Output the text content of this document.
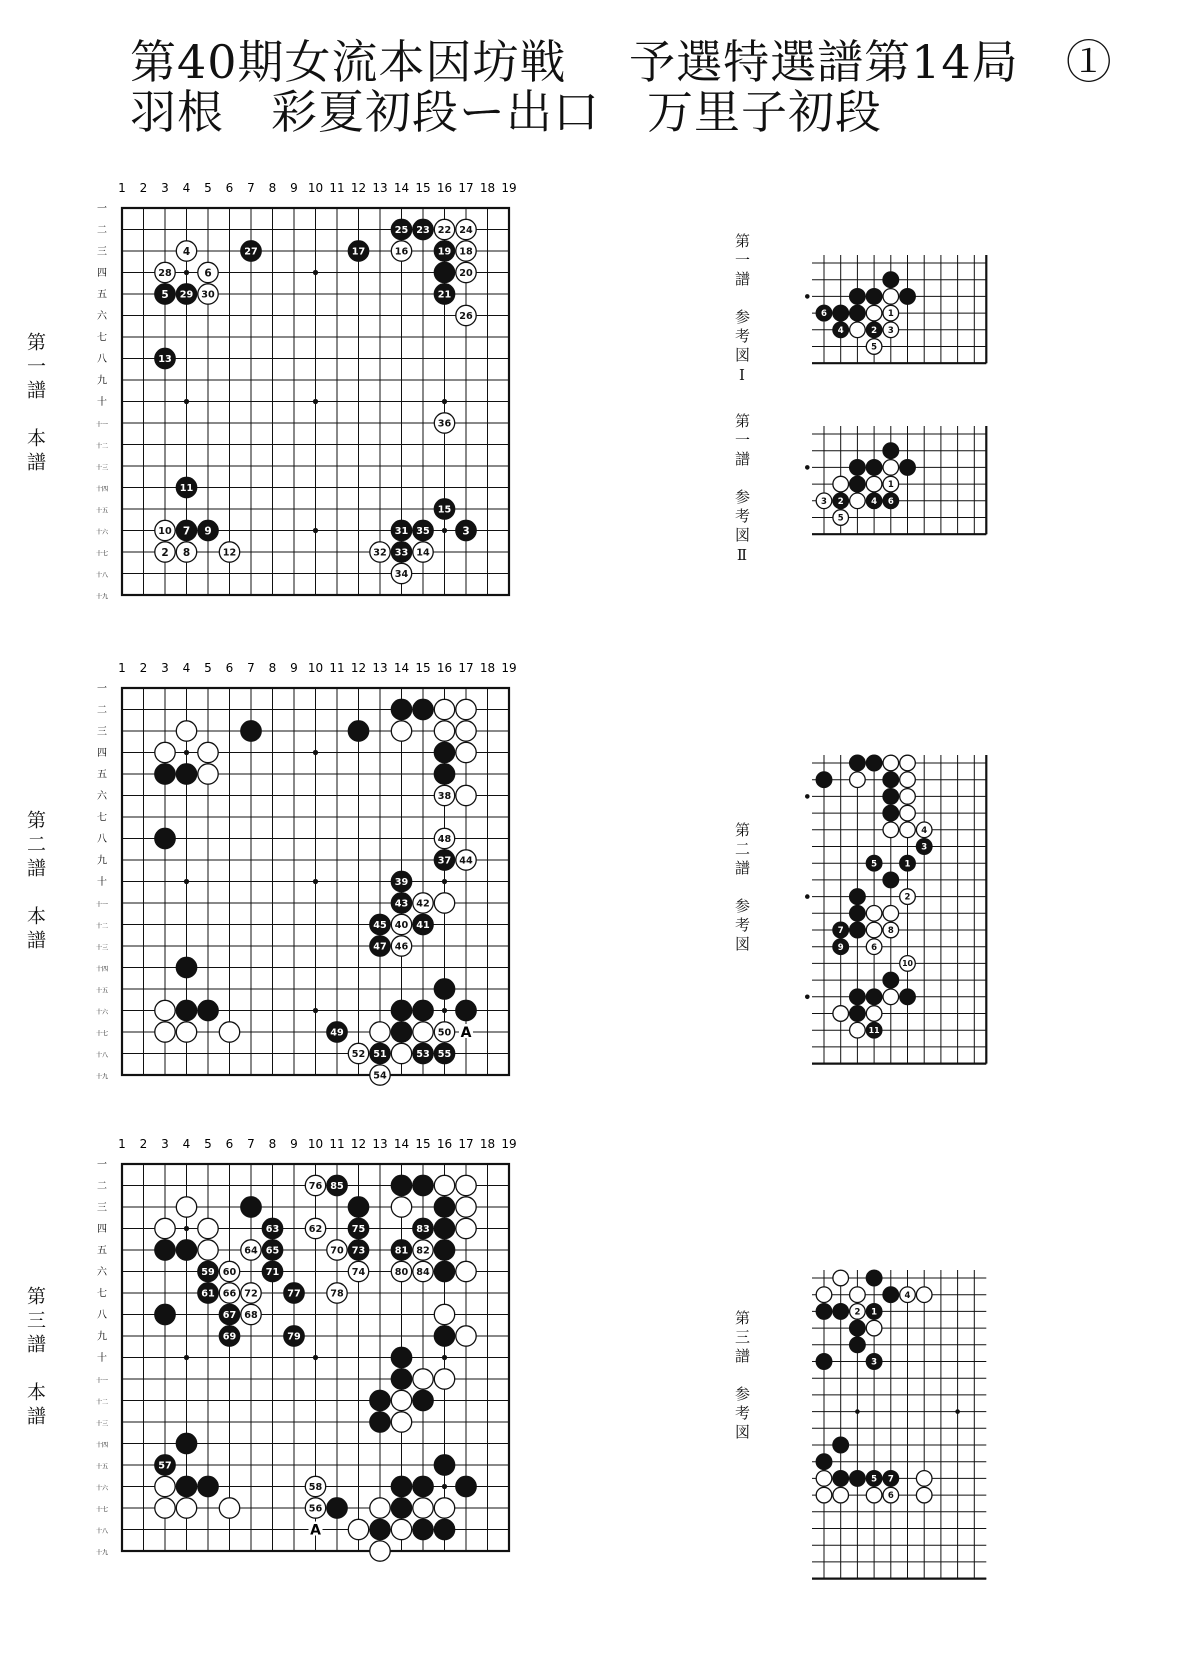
第40期女流本因坊戦　 予選特選譜第14局　①
羽根　彩夏初段ー出口　万里子初段
第一譜　本譜
第二譜　本譜
第三譜　本譜
第一譜　参考図Ⅰ
第一譜　参考図Ⅱ
第二譜　参考図
第三譜　参考図
1 2 3 4 5 6 7 8 9 10 11 12 13 14 15 16 17 18 19
一
二
三
四
五
六
七
八
九
十
十一
十二
十三
十四
十五
十六
十七
十八
十九
2
3
4
5
6
7
8
9
10
11
12
13
14
15
16
17	18
19
20
21
22
23	24
25
26
27
28
29 30
31
32 33
34
35
36
1 2 3 4 5 6 7 8 9 10 11 12 13 14 15 16 17 18 19
一
二
三
四
五
六
七
八
九
十
十一
十二
十三
十四
十五
十六
十七
十八
十九
38
48
37 44
39
43 42
45 40 41
47 46
49	50
52 51	53 55
54
A
1 2 3 4 5 6 7 8 9 10 11 12 13 14 15 16 17 18 19
一
二
三
四
五
六
七
八
九
十
十一
十二
十三
十四
十五
十六
十七
十八
十九
76 85
63	62	75	83
64 65	70 73	81 82
59 60	71	74	80 84
61 66 72	77	78
67 68
69	79
57
58
56
A
6	1
4	2 3
5
1
3 2	4 6
5
4
3
5	1
2
7	8
9	6
10
11
4
2 1
3
5 7
6
